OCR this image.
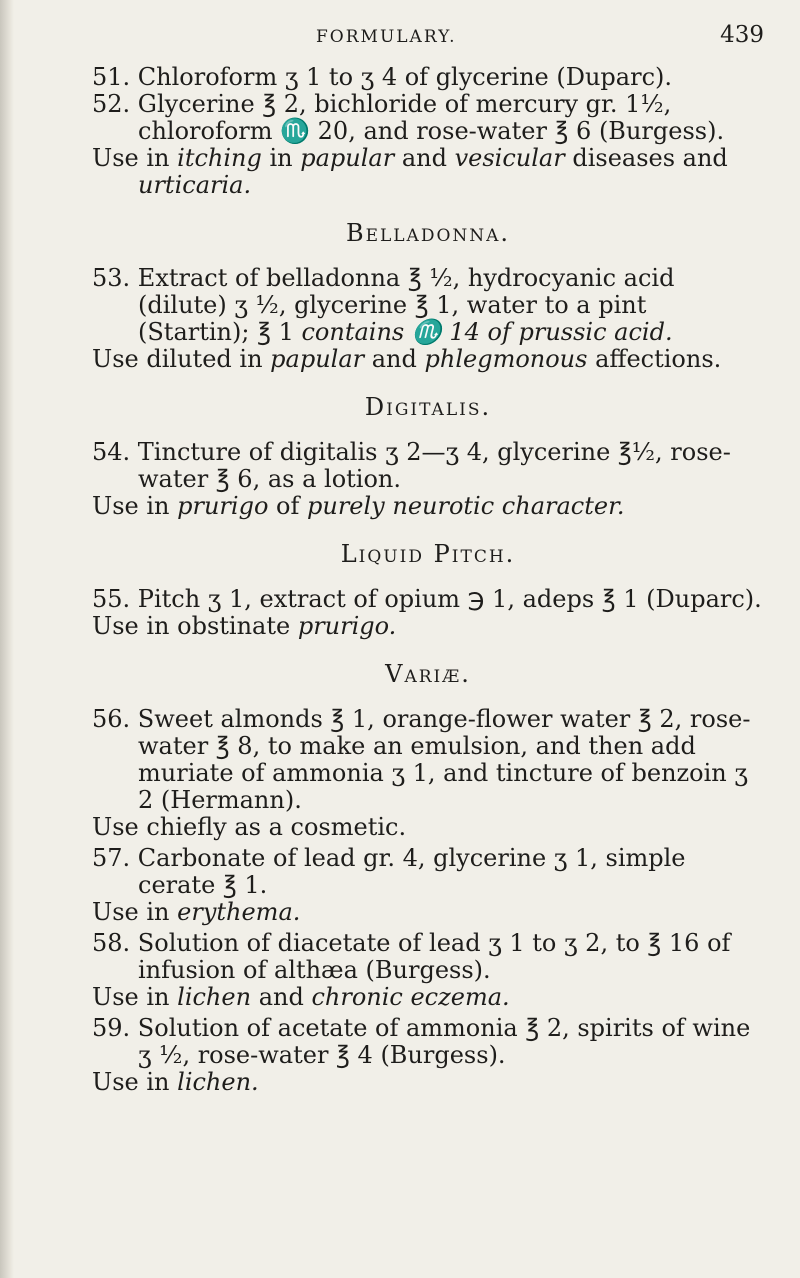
FORMULARY.	439

51. Chloroform ʒ 1 to ʒ 4 of glycerine (Duparc).

52. Glycerine ℥ 2, bichloride of mercury gr. 1½, chloroform ♏ 20, and rose-water ℥ 6 (Burgess).

Use in itching in papular and vesicular diseases and urticaria.

Belladonna.

53. Extract of belladonna ℥ ½, hydrocyanic acid (dilute) ʒ ½, glycerine ℥ 1, water to a pint (Startin); ℥ 1 contains ♏ 14 of prussic acid.

Use diluted in papular and phlegmonous affections.

Digitalis.

54. Tincture of digitalis ʒ 2—ʒ 4, glycerine ℥½, rose-water ℥ 6, as a lotion.

Use in prurigo of purely neurotic character.

Liquid Pitch.

55. Pitch ʒ 1, extract of opium ℈ 1, adeps ℥ 1 (Duparc).

Use in obstinate prurigo.

Variæ.

56. Sweet almonds ℥ 1, orange-flower water ℥ 2, rose-water ℥ 8, to make an emulsion, and then add muriate of ammonia ʒ 1, and tincture of benzoin ʒ 2 (Hermann).

Use chiefly as a cosmetic.

57. Carbonate of lead gr. 4, glycerine ʒ 1, simple cerate ℥ 1.

Use in erythema.

58. Solution of diacetate of lead ʒ 1 to ʒ 2, to ℥ 16 of infusion of althæa (Burgess).

Use in lichen and chronic eczema.

59. Solution of acetate of ammonia ℥ 2, spirits of wine ʒ ½, rose-water ℥ 4 (Burgess).

Use in lichen.
